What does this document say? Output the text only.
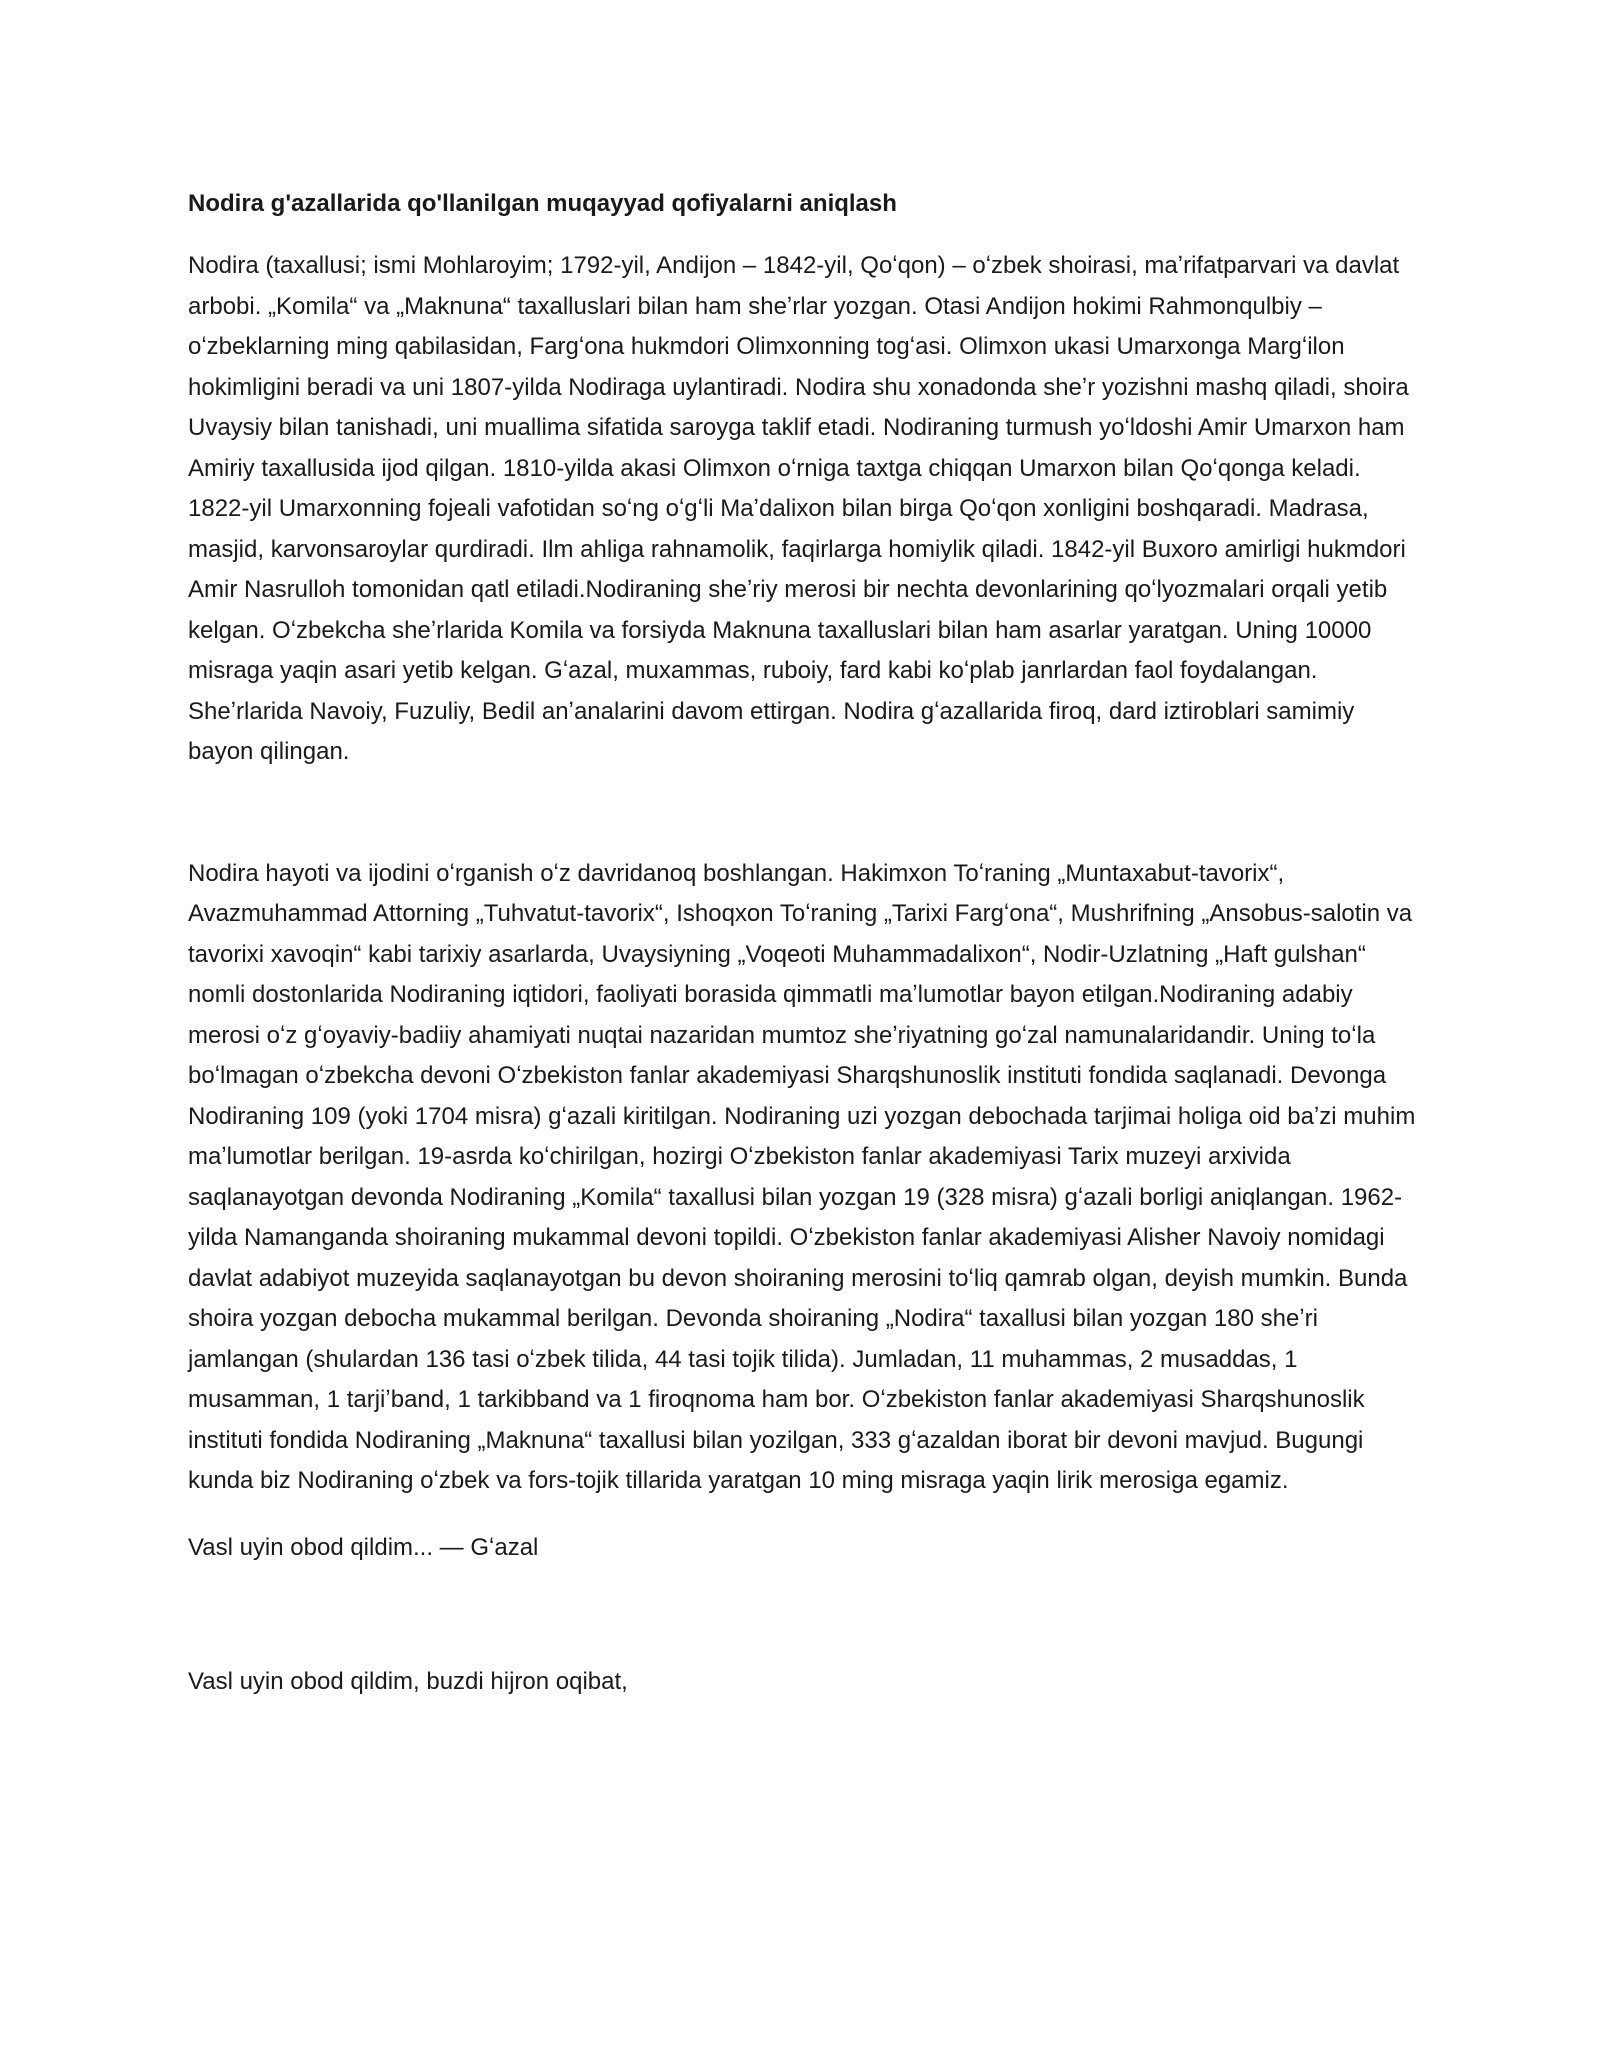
Nodira g'azallarida qo'llanilgan muqayyad qofiyalarni aniqlash

Nodira (taxallusi; ismi Mohlaroyim; 1792-yil, Andijon – 1842-yil, Qoʻqon) – oʻzbek shoirasi, maʼrifatparvari va davlat arbobi. „Komila“ va „Maknuna“ taxalluslari bilan ham sheʼrlar yozgan. Otasi Andijon hokimi Rahmonqulbiy – oʻzbeklarning ming qabilasidan, Fargʻona hukmdori Olimxonning togʻasi. Olimxon ukasi Umarxonga Margʻilon hokimligini beradi va uni 1807-yilda Nodiraga uylantiradi. Nodira shu xonadonda sheʼr yozishni mashq qiladi, shoira Uvaysiy bilan tanishadi, uni muallima sifatida saroyga taklif etadi. Nodiraning turmush yoʻldoshi Amir Umarxon ham Amiriy taxallusida ijod qilgan. 1810-yilda akasi Olimxon oʻrniga taxtga chiqqan Umarxon bilan Qoʻqonga keladi. 1822-yil Umarxonning fojeali vafotidan soʻng oʻgʻli Maʼdalixon bilan birga Qoʻqon xonligini boshqaradi. Madrasa, masjid, karvonsaroylar qurdiradi. Ilm ahliga rahnamolik, faqirlarga homiylik qiladi. 1842-yil Buxoro amirligi hukmdori Amir Nasrulloh tomonidan qatl etiladi.Nodiraning sheʼriy merosi bir nechta devonlarining qoʻlyozmalari orqali yetib kelgan. Oʻzbekcha sheʼrlarida Komila va forsiyda Maknuna taxalluslari bilan ham asarlar yaratgan. Uning 10000 misraga yaqin asari yetib kelgan. Gʻazal, muxammas, ruboiy, fard kabi koʻplab janrlardan faol foydalangan. Sheʼrlarida Navoiy, Fuzuliy, Bedil anʼanalarini davom ettirgan. Nodira gʻazallarida firoq, dard iztiroblari samimiy bayon qilingan.

Nodira hayoti va ijodini oʻrganish oʻz davridanoq boshlangan. Hakimxon Toʻraning „Muntaxabut-tavorix“, Avazmuhammad Attorning „Tuhvatut-tavorix“, Ishoqxon Toʻraning „Tarixi Fargʻona“, Mushrifning „Ansobus-salotin va tavorixi xavoqin“ kabi tarixiy asarlarda, Uvaysiyning „Voqeoti Muhammadalixon“, Nodir-Uzlatning „Haft gulshan“ nomli dostonlarida Nodiraning iqtidori, faoliyati borasida qimmatli maʼlumotlar bayon etilgan.Nodiraning adabiy merosi oʻz gʻoyaviy-badiiy ahamiyati nuqtai nazaridan mumtoz sheʼriyatning goʻzal namunalaridandir. Uning toʻla boʻlmagan oʻzbekcha devoni Oʻzbekiston fanlar akademiyasi Sharqshunoslik instituti fondida saqlanadi. Devonga Nodiraning 109 (yoki 1704 misra) gʻazali kiritilgan. Nodiraning uzi yozgan debochada tarjimai holiga oid baʼzi muhim maʼlumotlar berilgan. 19-asrda koʻchirilgan, hozirgi Oʻzbekiston fanlar akademiyasi Tarix muzeyi arxivida saqlanayotgan devonda Nodiraning „Komila“ taxallusi bilan yozgan 19 (328 misra) gʻazali borligi aniqlangan. 1962-yilda Namanganda shoiraning mukammal devoni topildi. Oʻzbekiston fanlar akademiyasi Alisher Navoiy nomidagi davlat adabiyot muzeyida saqlanayotgan bu devon shoiraning merosini toʻliq qamrab olgan, deyish mumkin. Bunda shoira yozgan debocha mukammal berilgan. Devonda shoiraning „Nodira“ taxallusi bilan yozgan 180 sheʼri jamlangan (shulardan 136 tasi oʻzbek tilida, 44 tasi tojik tilida). Jumladan, 11 muhammas, 2 musaddas, 1 musamman, 1 tarjiʼband, 1 tarkibband va 1 firoqnoma ham bor. Oʻzbekiston fanlar akademiyasi Sharqshunoslik instituti fondida Nodiraning „Maknuna“ taxallusi bilan yozilgan, 333 gʻazaldan iborat bir devoni mavjud. Bugungi kunda biz Nodiraning oʻzbek va fors-tojik tillarida yaratgan 10 ming misraga yaqin lirik merosiga egamiz.

Vasl uyin obod qildim... — Gʻazal

Vasl uyin obod qildim, buzdi hijron oqibat,
